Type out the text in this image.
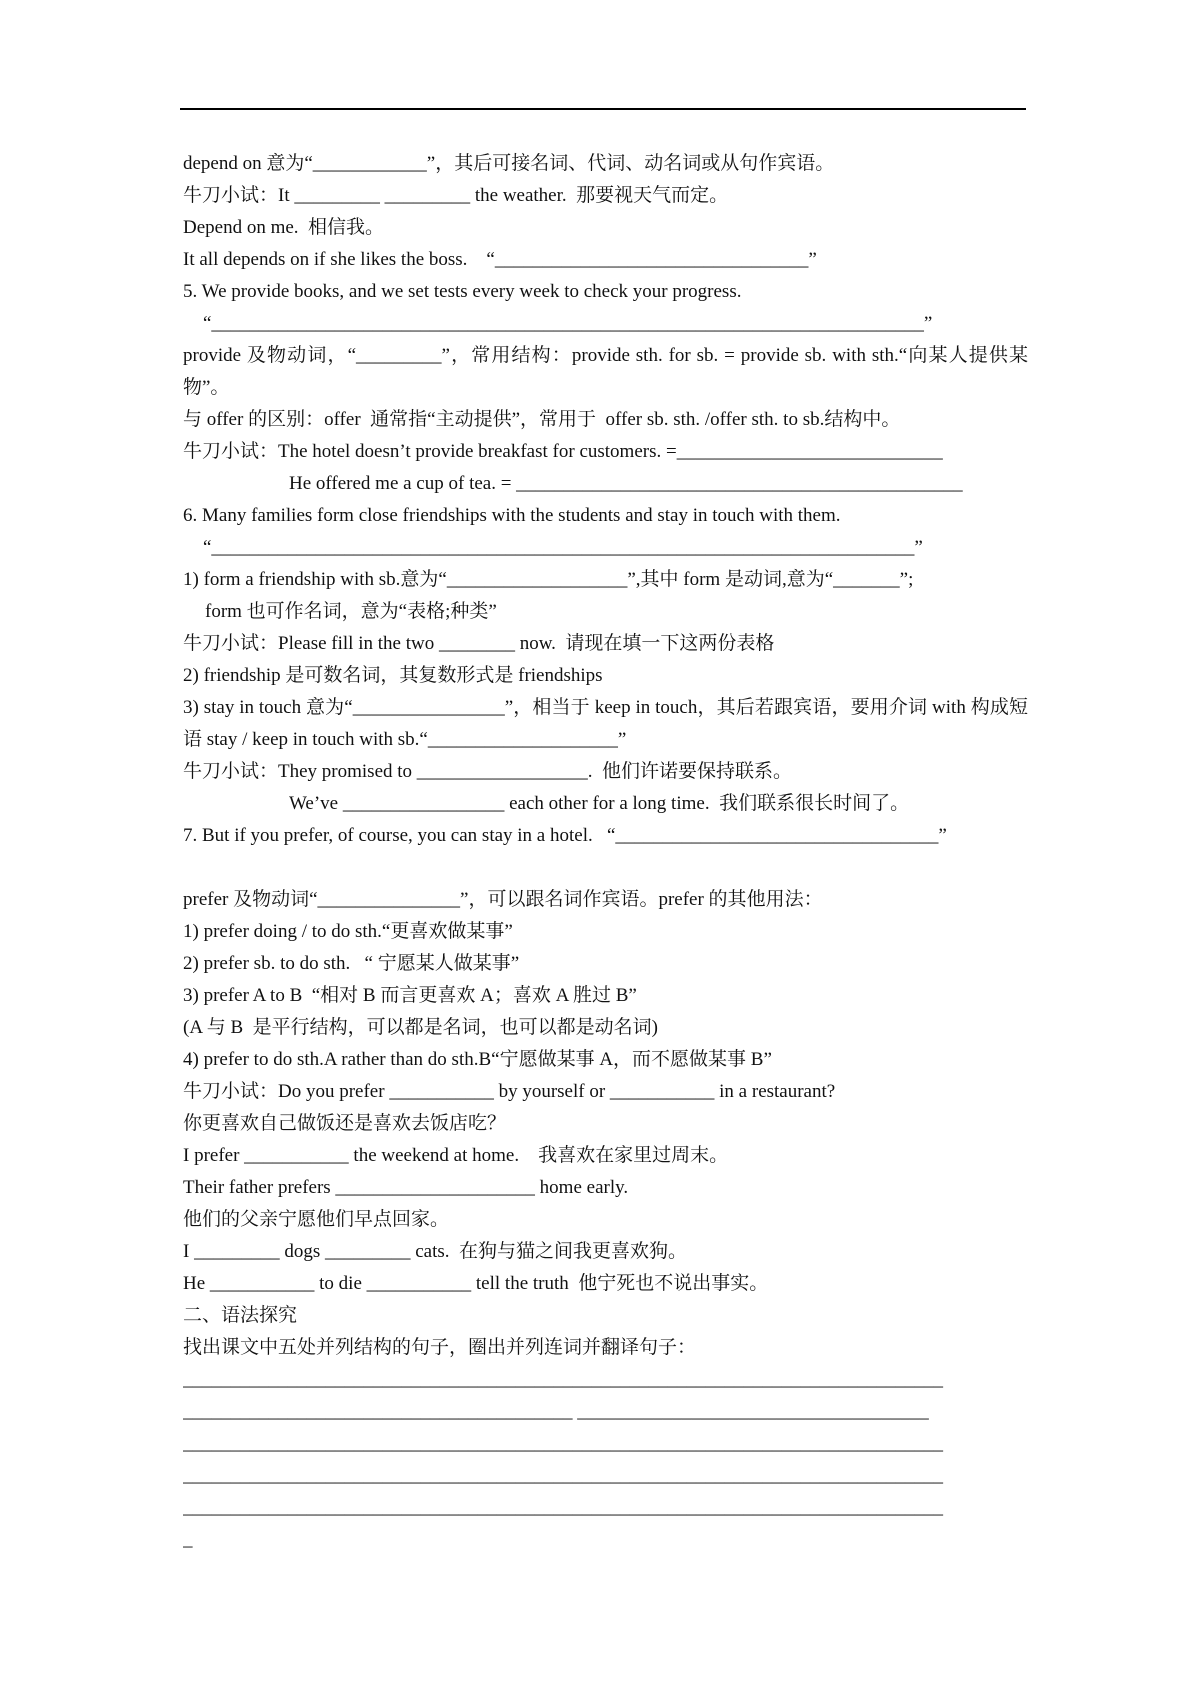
depend on 意为“____________”，其后可接名词、代词、动名词或从句作宾语。
牛刀小试：It _________ _________ the weather.  那要视天气而定。
Depend on me.  相信我。
It all depends on if she likes the boss.    “_________________________________”
5. We provide books, and we set tests every week to check your progress.
“___________________________________________________________________________”
provide 及物动词，“_________”，常用结构：provide sth. for sb. = provide sb. with sth.“向某人提供某物”。
与 offer 的区别：offer  通常指“主动提供”，常用于  offer sb. sth. /offer sth. to sb.结构中。
牛刀小试：The hotel doesn’t provide breakfast for customers. =____________________________
He offered me a cup of tea. = _______________________________________________
6. Many families form close friendships with the students and stay in touch with them.
“__________________________________________________________________________”
1) form a friendship with sb.意为“___________________”,其中 form 是动词,意为“_______”;
form 也可作名词，意为“表格;种类”
牛刀小试：Please fill in the two ________ now.  请现在填一下这两份表格
2) friendship 是可数名词，其复数形式是 friendships
3) stay in touch 意为“________________”，相当于 keep in touch，其后若跟宾语，要用介词 with 构成短语 stay / keep in touch with sb.“____________________”
牛刀小试：They promised to __________________.  他们许诺要保持联系。
We’ve _________________ each other for a long time.  我们联系很长时间了。
7. But if you prefer, of course, you can stay in a hotel.   “__________________________________”
prefer 及物动词“_______________”，可以跟名词作宾语。prefer 的其他用法：
1) prefer doing / to do sth.“更喜欢做某事”
2) prefer sb. to do sth.   “ 宁愿某人做某事”
3) prefer A to B  “相对 B 而言更喜欢 A；喜欢 A 胜过 B”
(A 与 B  是平行结构，可以都是名词，也可以都是动名词)
4) prefer to do sth.A rather than do sth.B“宁愿做某事 A，而不愿做某事 B”
牛刀小试：Do you prefer ___________ by yourself or ___________ in a restaurant?
你更喜欢自己做饭还是喜欢去饭店吃？
I prefer ___________ the weekend at home.    我喜欢在家里过周末。
Their father prefers _____________________ home early.
他们的父亲宁愿他们早点回家。
I _________ dogs _________ cats.  在狗与猫之间我更喜欢狗。
He ___________ to die ___________ tell the truth  他宁死也不说出事实。
二、语法探究
找出课文中五处并列结构的句子，圈出并列连词并翻译句子：
________________________________________________________________________________
_________________________________________ _____________________________________
________________________________________________________________________________
________________________________________________________________________________
________________________________________________________________________________
_
